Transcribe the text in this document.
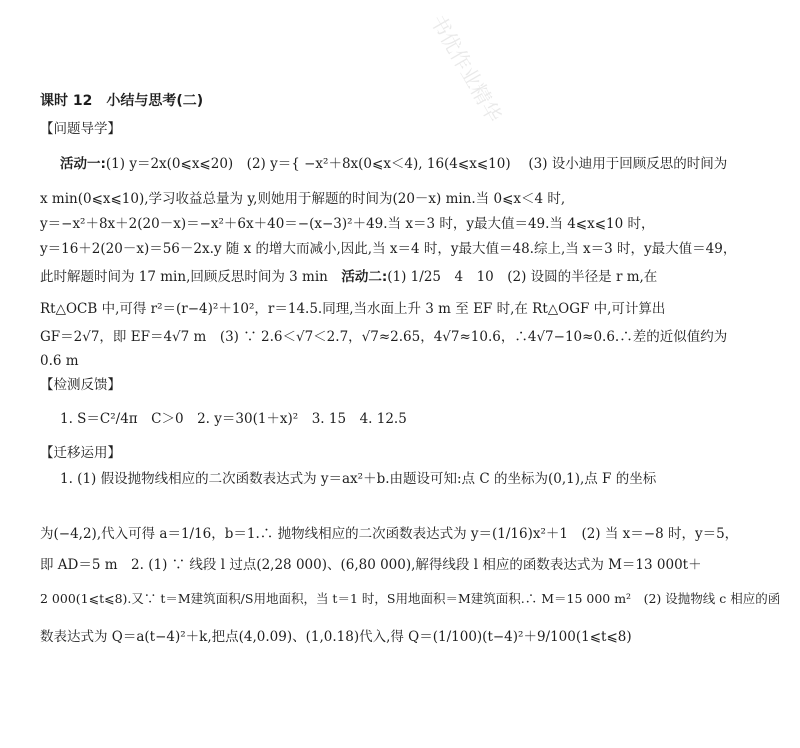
书优作业精华
课时 12　小结与思考(二)
【问题导学】
活动一:(1) y＝2x(0⩽x⩽20)　(2) y＝{ −x²＋8x(0⩽x＜4), 16(4⩽x⩽10) 　(3) 设小迪用于回顾反思的时间为
x min(0⩽x⩽10),学习收益总量为 y,则她用于解题的时间为(20－x) min.当 0⩽x＜4 时,
y＝−x²＋8x＋2(20－x)＝−x²＋6x＋40＝−(x−3)²＋49.当 x＝3 时，y最大值＝49.当 4⩽x⩽10 时，
y＝16＋2(20－x)＝56－2x.y 随 x 的增大而减小,因此,当 x＝4 时，y最大值＝48.综上,当 x＝3 时，y最大值＝49，
此时解题时间为 17 min,回顾反思时间为 3 min　活动二:(1) 1/25　4　10　(2) 设圆的半径是 r m,在
Rt△OCB 中,可得 r²＝(r−4)²＋10²，r＝14.5.同理,当水面上升 3 m 至 EF 时,在 Rt△OGF 中,可计算出
GF＝2√7，即 EF＝4√7 m　(3) ∵ 2.6＜√7＜2.7，√7≈2.65，4√7≈10.6，∴4√7−10≈0.6.∴差的近似值约为
0.6 m
【检测反馈】
1. S＝C²/4π　C＞0　2. y＝30(1＋x)²　3. 15　4. 12.5
【迁移运用】
1. (1) 假设抛物线相应的二次函数表达式为 y＝ax²＋b.由题设可知:点 C 的坐标为(0,1),点 F 的坐标
为(−4,2),代入可得 a＝1/16，b＝1.∴ 抛物线相应的二次函数表达式为 y＝(1/16)x²＋1　(2) 当 x＝−8 时，y＝5，
即 AD＝5 m　2. (1) ∵ 线段 l 过点(2,28 000)、(6,80 000),解得线段 l 相应的函数表达式为 M＝13 000t＋
2 000(1⩽t⩽8).又∵ t＝M建筑面积/S用地面积，当 t＝1 时，S用地面积＝M建筑面积.∴ M＝15 000 m²　(2) 设抛物线 c 相应的函
数表达式为 Q＝a(t−4)²＋k,把点(4,0.09)、(1,0.18)代入,得 Q＝(1/100)(t−4)²＋9/100(1⩽t⩽8)
